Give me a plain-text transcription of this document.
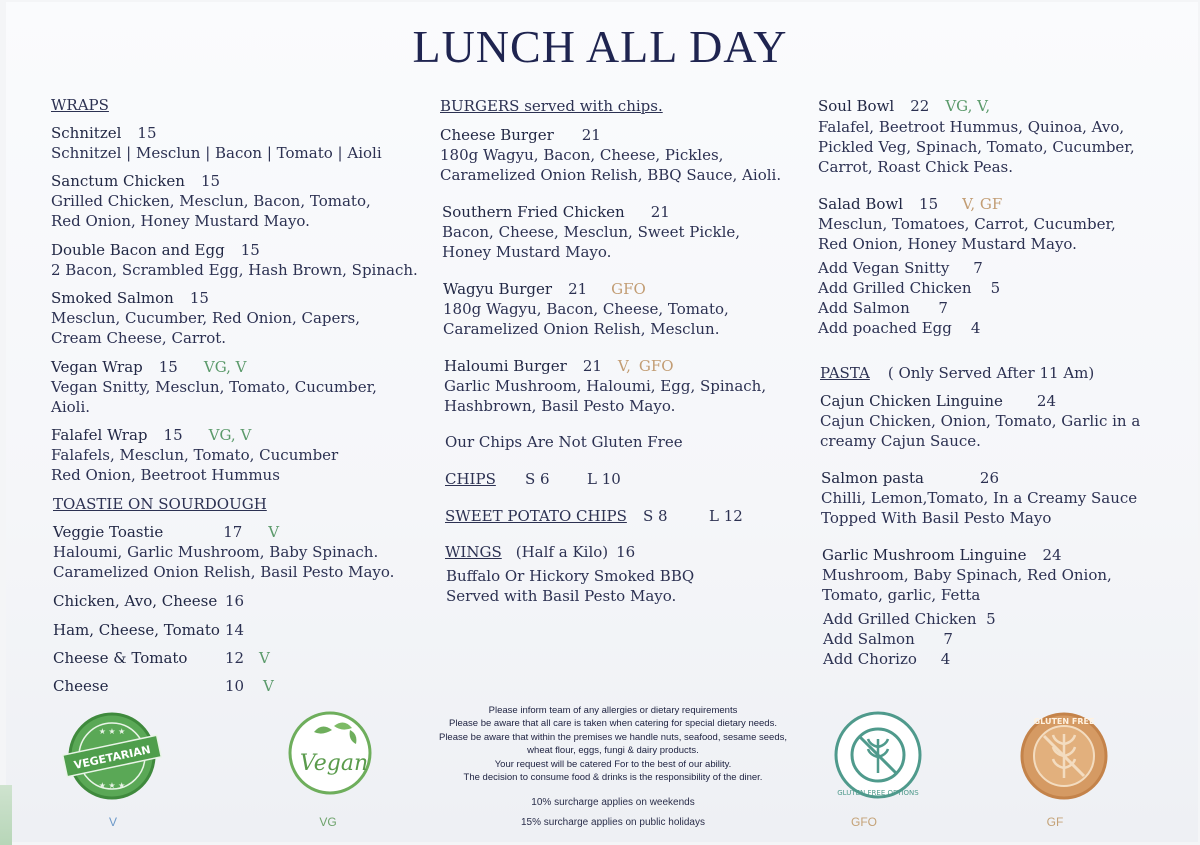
LUNCH ALL DAY
WRAPS
Schnitzel 15
Schnitzel | Mesclun | Bacon | Tomato | Aioli
Sanctum Chicken 15
Grilled Chicken, Mesclun, Bacon, Tomato,
Red Onion, Honey Mustard Mayo.
Double Bacon and Egg 15
2 Bacon, Scrambled Egg, Hash Brown, Spinach.
Smoked Salmon 15
Mesclun, Cucumber, Red Onion, Capers,
Cream Cheese, Carrot.
Vegan Wrap 15 VG, V
Vegan Snitty, Mesclun, Tomato, Cucumber,
Aioli.
Falafel Wrap 15 VG, V
Falafels, Mesclun, Tomato, Cucumber
Red Onion, Beetroot Hummus
TOASTIE ON SOURDOUGH
Veggie Toastie	17 V
Haloumi, Garlic Mushroom, Baby Spinach.
Caramelized Onion Relish, Basil Pesto Mayo.
Chicken, Avo, Cheese 16
Ham, Cheese, Tomato 14
Cheese & Tomato	12 V
Cheese	10 V
BURGERS served with chips.
Cheese Burger 21
180g Wagyu, Bacon, Cheese, Pickles,
Caramelized Onion Relish, BBQ Sauce, Aioli.
Southern Fried Chicken 21
Bacon, Cheese, Mesclun, Sweet Pickle,
Honey Mustard Mayo.
Wagyu Burger 21 GFO
180g Wagyu, Bacon, Cheese, Tomato,
Caramelized Onion Relish, Mesclun.
Haloumi Burger 21 V, GFO
Garlic Mushroom, Haloumi, Egg, Spinach,
Hashbrown, Basil Pesto Mayo.
Our Chips Are Not Gluten Free
CHIPS S 6 L 10
SWEET POTATO CHIPS S 8	L 12
WINGS (Half a Kilo) 16
Buffalo Or Hickory Smoked BBQ
Served with Basil Pesto Mayo.
Soul Bowl 22 VG, V,
Falafel, Beetroot Hummus, Quinoa, Avo,
Pickled Veg, Spinach, Tomato, Cucumber,
Carrot, Roast Chick Peas.
Salad Bowl 15 V, GF
Mesclun, Tomatoes, Carrot, Cucumber,
Red Onion, Honey Mustard Mayo.
Add Vegan Snitty     7
Add Grilled Chicken    5
Add Salmon      7
Add poached Egg    4
PASTA ( Only Served After 11 Am)
Cajun Chicken Linguine 24
Cajun Chicken, Onion, Tomato, Garlic in a
creamy Cajun Sauce.
Salmon pasta	26
Chilli, Lemon,Tomato, In a Creamy Sauce
Topped With Basil Pesto Mayo
Garlic Mushroom Linguine 24
Mushroom, Baby Spinach, Red Onion,
Tomato, garlic, Fetta
Add Grilled Chicken  5
Add Salmon      7
Add Chorizo     4
Please inform team of any allergies or dietary requirements
Please be aware that all care is taken when catering for special dietary needs.
Please be aware that within the premises we handle nuts, seafood, sesame seeds,
wheat flour, eggs, fungi & dairy products.
Your request will be catered For to the best of our ability.
The decision to consume food & drinks is the responsibility of the diner.
10% surcharge applies on weekends
15% surcharge applies on public holidays
VEGETARIAN
★ ★ ★
★ ★ ★
V
Vegan
VG
GLUTEN FREE OPTIONS
GFO
GLUTEN FREE
GF
